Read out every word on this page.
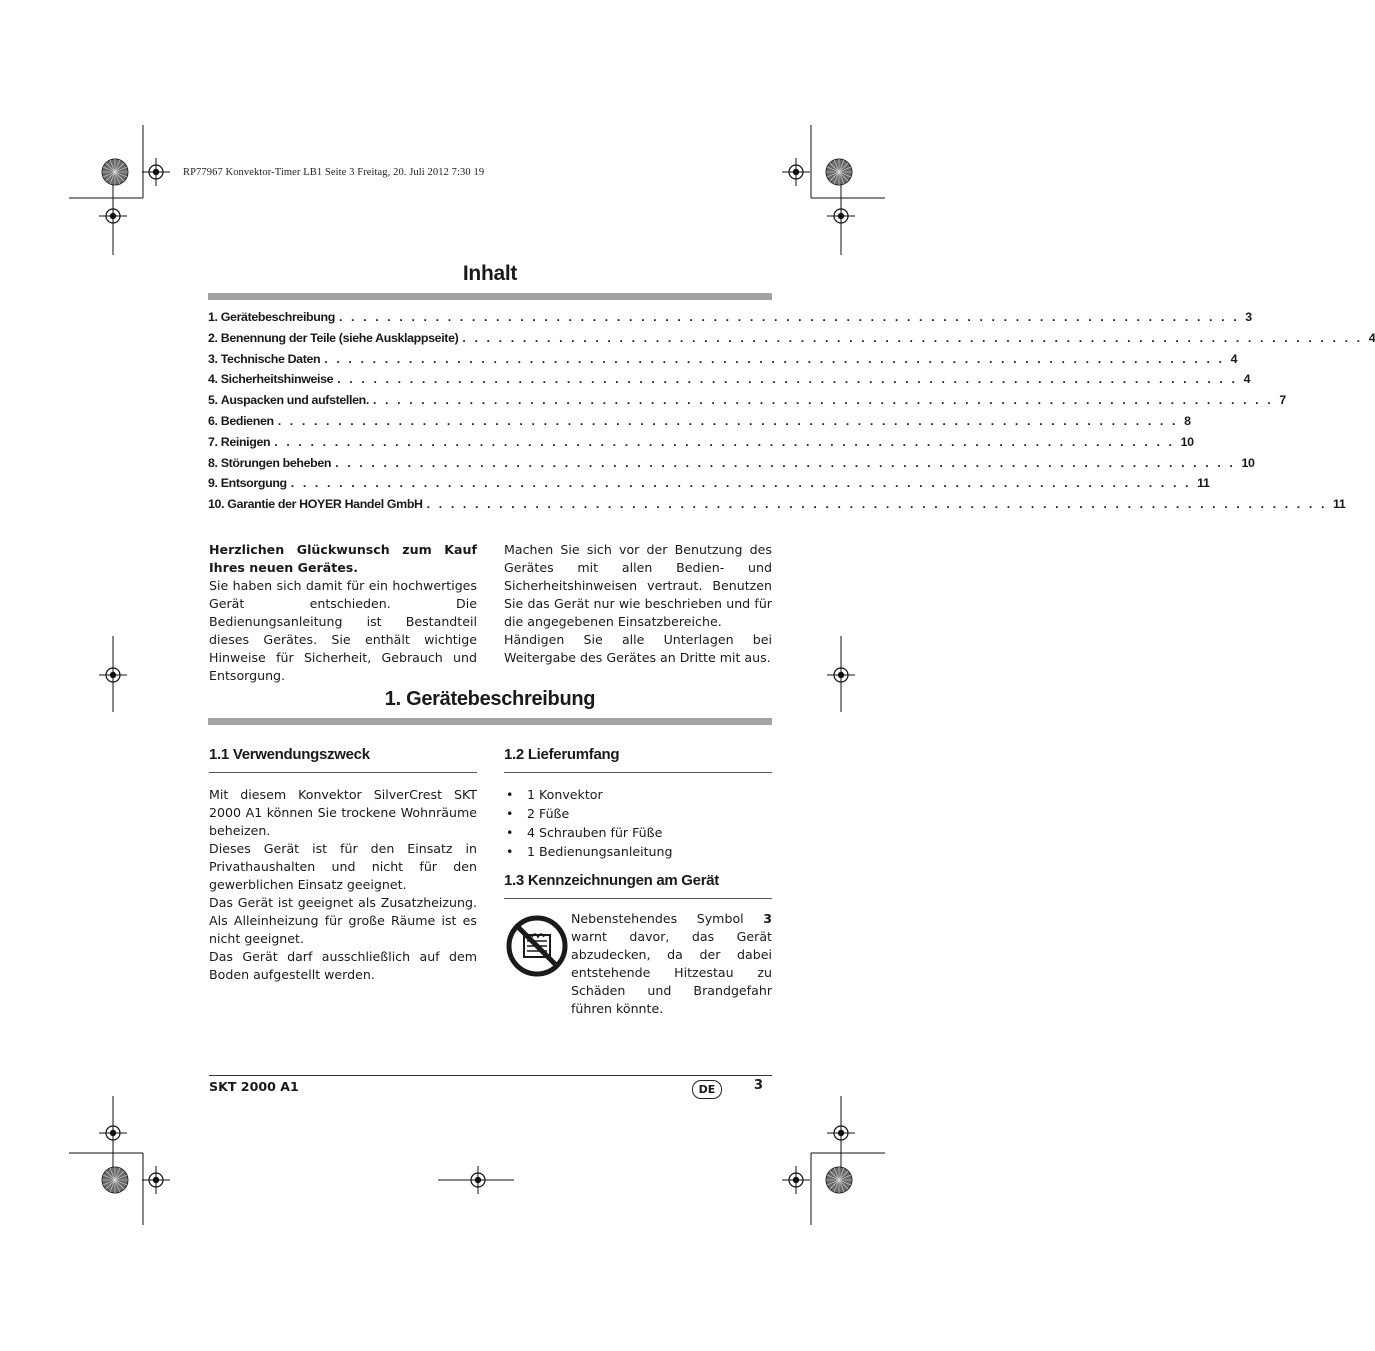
RP77967 Konvektor-Timer LB1 Seite 3 Freitag, 20. Juli 2012 7:30 19
Inhalt
1.
Gerätebeschreibung . . . . . . . . . . . . . . . . . . . . . . . . . . . . . . . . . . . . . . . . . . . . . . . . . . . . . . . . . . . . . . . . . . . . . . . . . . . 3
2.
Benennung der Teile (siehe Ausklappseite) . . . . . . . . . . . . . . . . . . . . . . . . . . . . . . . . . . . . . . . . . . . . . . . . . . . . . . . . . . . . . . . . . . . . . . . . . . . 4
3.
Technische Daten . . . . . . . . . . . . . . . . . . . . . . . . . . . . . . . . . . . . . . . . . . . . . . . . . . . . . . . . . . . . . . . . . . . . . . . . . . . 4
4.
Sicherheitshinweise . . . . . . . . . . . . . . . . . . . . . . . . . . . . . . . . . . . . . . . . . . . . . . . . . . . . . . . . . . . . . . . . . . . . . . . . . . . 4
5.
Auspacken und aufstellen. . . . . . . . . . . . . . . . . . . . . . . . . . . . . . . . . . . . . . . . . . . . . . . . . . . . . . . . . . . . . . . . . . . . . . . . . . . . 7
6.
Bedienen . . . . . . . . . . . . . . . . . . . . . . . . . . . . . . . . . . . . . . . . . . . . . . . . . . . . . . . . . . . . . . . . . . . . . . . . . . . 8
7.
Reinigen . . . . . . . . . . . . . . . . . . . . . . . . . . . . . . . . . . . . . . . . . . . . . . . . . . . . . . . . . . . . . . . . . . . . . . . . . . . 10
8.
Störungen beheben . . . . . . . . . . . . . . . . . . . . . . . . . . . . . . . . . . . . . . . . . . . . . . . . . . . . . . . . . . . . . . . . . . . . . . . . . . . 10
9.
Entsorgung . . . . . . . . . . . . . . . . . . . . . . . . . . . . . . . . . . . . . . . . . . . . . . . . . . . . . . . . . . . . . . . . . . . . . . . . . . . 11
10.
Garantie der HOYER Handel GmbH . . . . . . . . . . . . . . . . . . . . . . . . . . . . . . . . . . . . . . . . . . . . . . . . . . . . . . . . . . . . . . . . . . . . . . . . . . . 11
Herzlichen Glückwunsch zum Kauf Ihres neuen Gerätes.
Sie haben sich damit für ein hochwertiges Gerät entschieden. Die Bedienungsanleitung ist Bestandteil dieses Gerätes. Sie enthält wichtige Hinweise für Sicherheit, Gebrauch und Entsorgung.
Machen Sie sich vor der Benutzung des Gerätes mit allen Bedien- und Sicherheitshinweisen vertraut. Benutzen Sie das Gerät nur wie beschrieben und für die angegebenen Einsatzbereiche.
Händigen Sie alle Unterlagen bei Weitergabe des Gerätes an Dritte mit aus.
1. Gerätebeschreibung
1.1 Verwendungszweck
Mit diesem Konvektor SilverCrest SKT 2000 A1 können Sie trockene Wohnräume beheizen.
Dieses Gerät ist für den Einsatz in Privathaushalten und nicht für den gewerblichen Einsatz geeignet.
Das Gerät ist geeignet als Zusatzheizung. Als Alleinheizung für große Räume ist es nicht geeignet.
Das Gerät darf ausschließlich auf dem Boden aufgestellt werden.
1.2 Lieferumfang
• 1 Konvektor
• 2 Füße
• 4 Schrauben für Füße
• 1 Bedienungsanleitung
1.3 Kennzeichnungen am Gerät
Nebenstehendes Symbol 3 warnt davor, das Gerät abzudecken, da der dabei entstehende Hitzestau zu Schäden und Brandgefahr führen könnte.
SKT 2000 A1	DE	3
